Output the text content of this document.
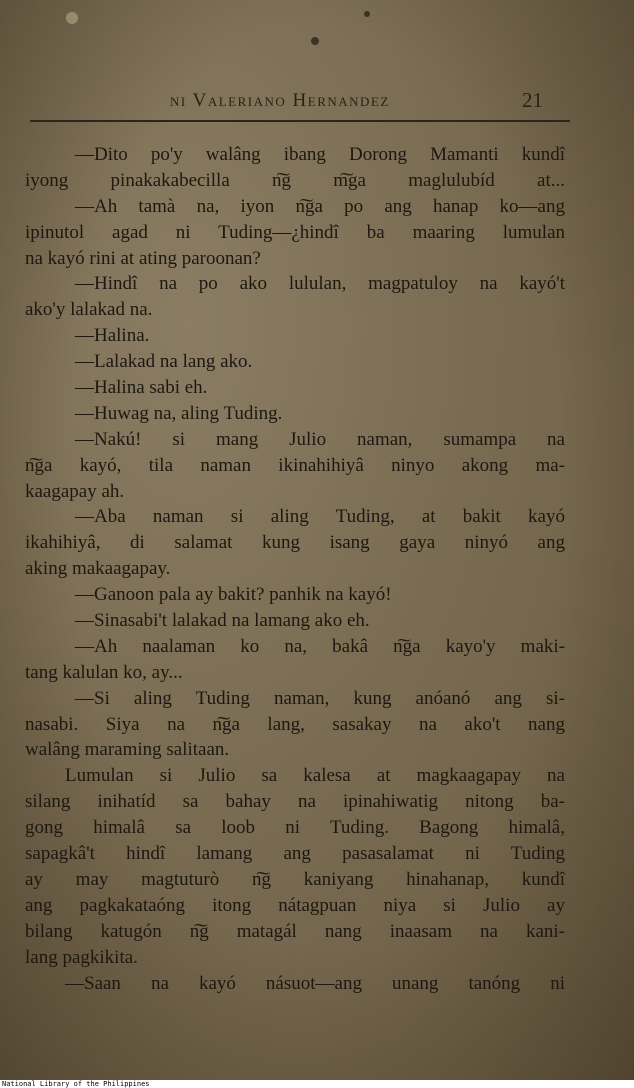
ni Valeriano Hernandez	21
—Dito po'y walâng ibang Dorong Mamanti kundî
iyong pinakakabecilla n͠g m͠ga maglulubíd at...
—Ah tamà na, iyon n͠ga po ang hanap ko—ang
ipinutol agad ni Tuding—¿hindî ba maaring lumulan
na kayó rini at ating paroonan?
—Hindî na po ako lululan, magpatuloy na kayó't
ako'y lalakad na.
—Halina.
—Lalakad na lang ako.
—Halina sabi eh.
—Huwag na, aling Tuding.
—Nakú! si mang Julio naman, sumampa na
n͠ga kayó, tila naman ikinahihiyâ ninyo akong ma-
kaagapay ah.
—Aba naman si aling Tuding, at bakit kayó
ikahihiyâ, di salamat kung isang gaya ninyó ang
aking makaagapay.
—Ganoon pala ay bakit? panhik na kayó!
—Sinasabi't lalakad na lamang ako eh.
—Ah naalaman ko na, bakâ n͠ga kayo'y maki-
tang kalulan ko, ay...
—Si aling Tuding naman, kung anóanó ang si-
nasabi. Siya na n͠ga lang, sasakay na ako't nang
walâng maraming salitaan.
Lumulan si Julio sa kalesa at magkaagapay na
silang inihatíd sa bahay na ipinahiwatig nitong ba-
gong himalâ sa loob ni Tuding. Bagong himalâ,
sapagkâ't hindî lamang ang pasasalamat ni Tuding
ay may magtuturò n͠g kaniyang hinahanap, kundî
ang pagkakataóng itong nátagpuan niya si Julio ay
bilang katugón n͠g matagál nang inaasam na kani-
lang pagkikita.
—Saan na kayó násuot—ang unang tanóng ni
National Library of the Philippines
